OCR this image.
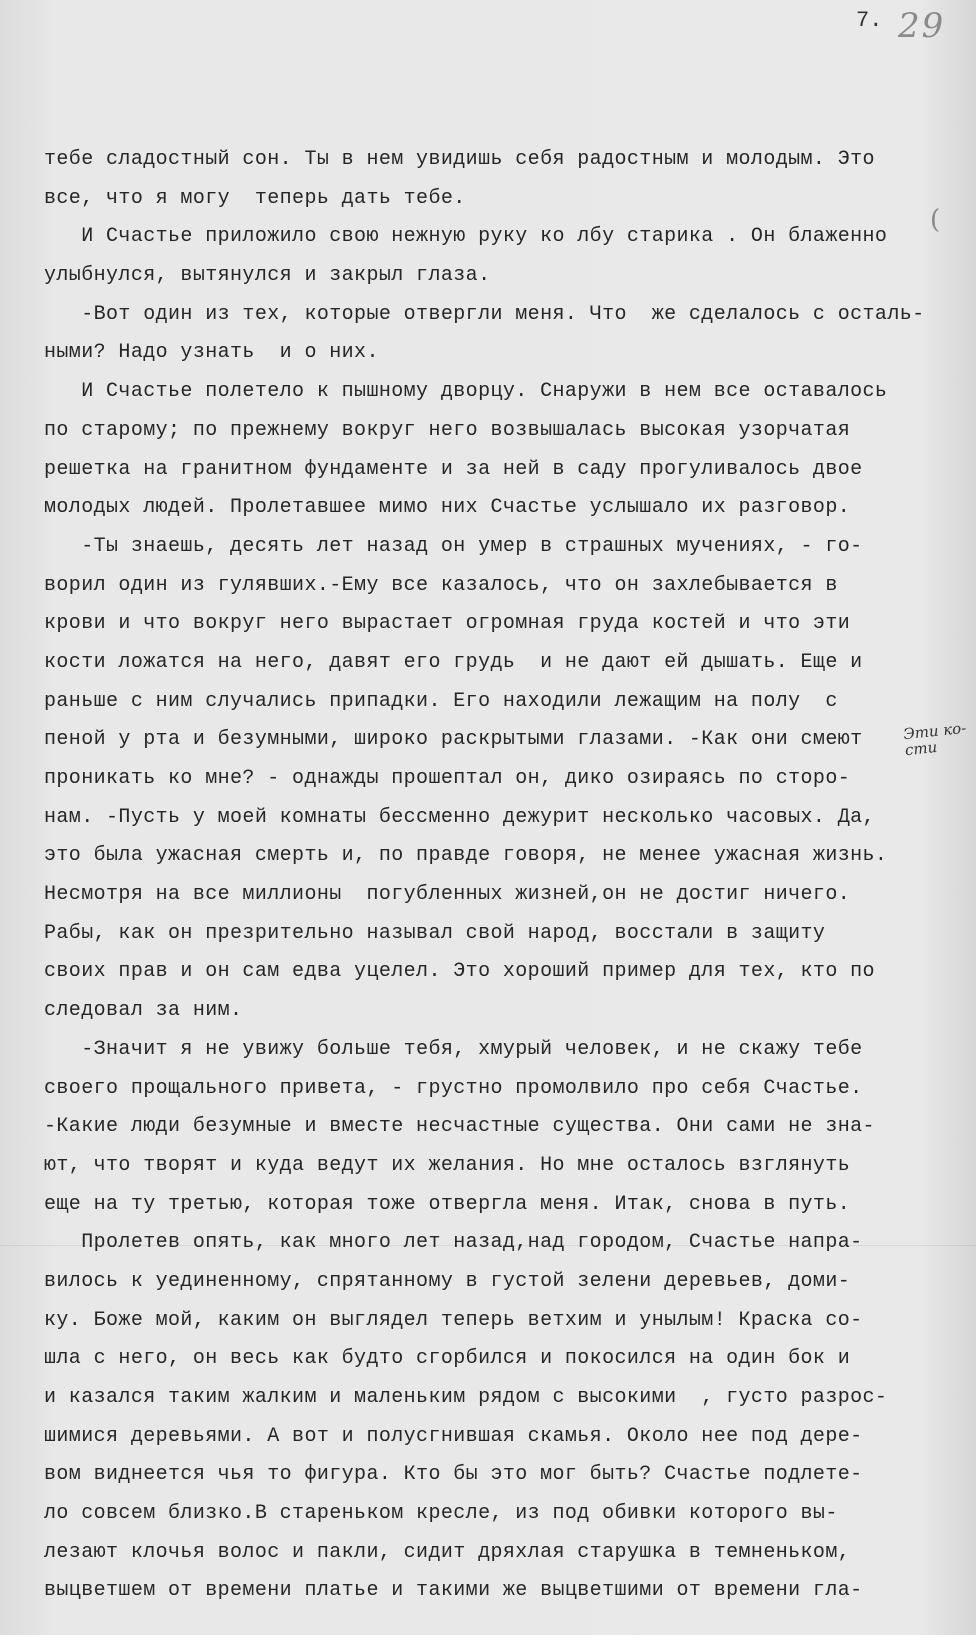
7. 29
(
Эти ко-
сти
тебе сладостный сон. Ты в нем увидишь себя радостным и молодым. Это
все, что я могу  теперь дать тебе.
И Счастье приложило свою нежную руку ко лбу старика . Он блаженно
улыбнулся, вытянулся и закрыл глаза.
-Вот один из тех, которые отвергли меня. Что  же сделалось с осталь-
ными? Надо узнать  и о них.
И Счастье полетело к пышному дворцу. Снаружи в нем все оставалось
по старому; по прежнему вокруг него возвышалась высокая узорчатая
решетка на гранитном фундаменте и за ней в саду прогуливалось двое
молодых людей. Пролетавшее мимо них Счастье услышало их разговор.
-Ты знаешь, десять лет назад он умер в страшных мучениях, - го-
ворил один из гулявших.-Ему все казалось, что он захлебывается в
крови и что вокруг него вырастает огромная груда костей и что эти
кости ложатся на него, давят его грудь  и не дают ей дышать. Еще и
раньше с ним случались припадки. Его находили лежащим на полу  с
пеной у рта и безумными, широко раскрытыми глазами. -Как они смеют
проникать ко мне? - однажды прошептал он, дико озираясь по сторо-
нам. -Пусть у моей комнаты бессменно дежурит несколько часовых. Да,
это была ужасная смерть и, по правде говоря, не менее ужасная жизнь.
Несмотря на все миллионы  погубленных жизней,он не достиг ничего.
Рабы, как он презрительно называл свой народ, восстали в защиту
своих прав и он сам едва уцелел. Это хороший пример для тех, кто по
следовал за ним.
-Значит я не увижу больше тебя, хмурый человек, и не скажу тебе
своего прощального привета, - грустно промолвило про себя Счастье.
-Какие люди безумные и вместе несчастные существа. Они сами не зна-
ют, что творят и куда ведут их желания. Но мне осталось взглянуть
еще на ту третью, которая тоже отвергла меня. Итак, снова в путь.
Пролетев опять, как много лет назад,над городом, Счастье напра-
вилось к уединенному, спрятанному в густой зелени деревьев, доми-
ку. Боже мой, каким он выглядел теперь ветхим и унылым! Краска со-
шла с него, он весь как будто сгорбился и покосился на один бок и
и казался таким жалким и маленьким рядом с высокими  , густо разрос-
шимися деревьями. А вот и полусгнившая скамья. Около нее под дере-
вом виднеется чья то фигура. Кто бы это мог быть? Счастье подлете-
ло совсем близко.В стареньком кресле, из под обивки которого вы-
лезают клочья волос и пакли, сидит дряхлая старушка в темненьком,
выцветшем от времени платье и такими же выцветшими от времени гла-
